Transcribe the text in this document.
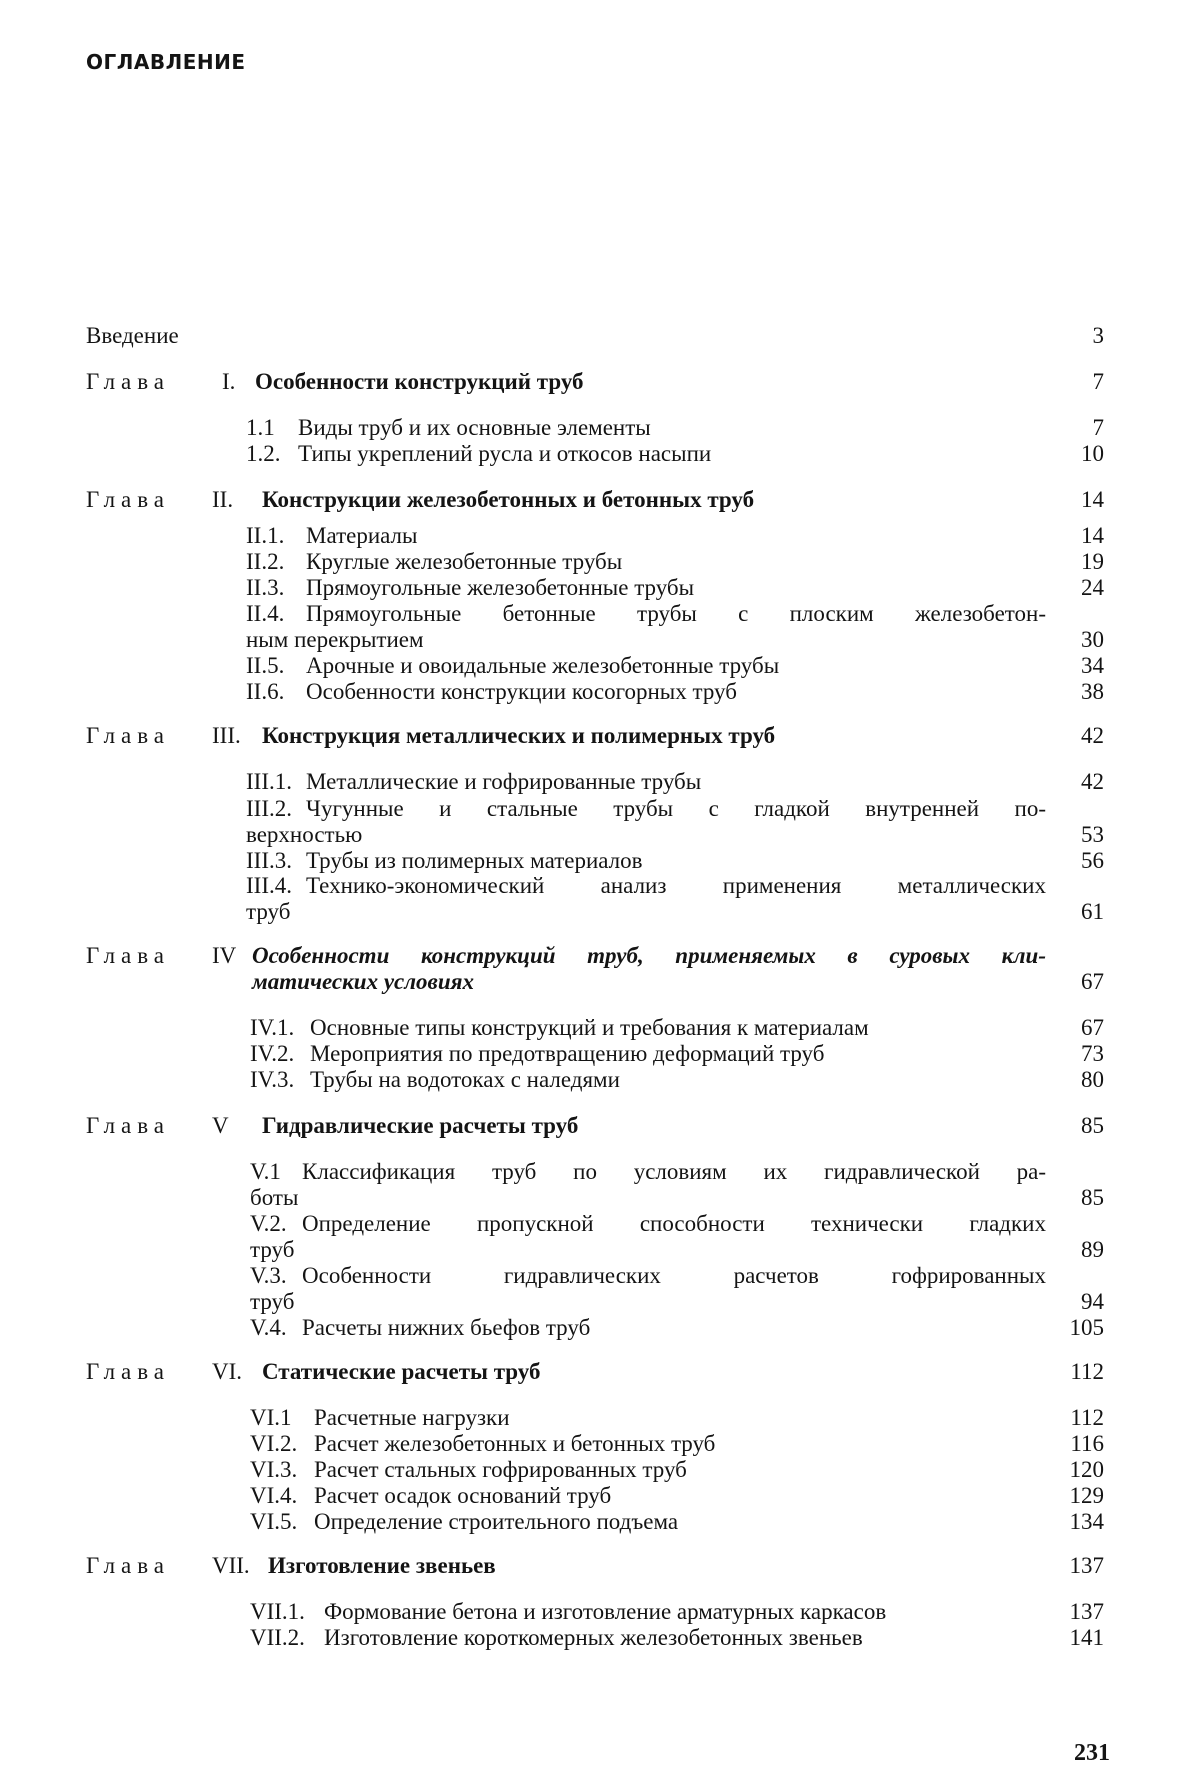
ОГЛАВЛЕНИЕ
Введение	3
Глава I. Особенности конструкций труб	7
1.1 Виды труб и их основные элементы	7
1.2. Типы укреплений русла и откосов насыпи	10
Глава II. Конструкции железобетонных и бетонных труб	14
II.1. Материалы	14
II.2. Круглые железобетонные трубы	19
II.3. Прямоугольные железобетонные трубы	24
II.4. Прямоугольные бетонные трубы с плоским железобетон-
ным перекрытием	30
II.5. Арочные и овоидальные железобетонные трубы	34
II.6. Особенности конструкции косогорных труб	38
Глава III. Конструкция металлических и полимерных труб	42
III.1. Металлические и гофрированные трубы	42
III.2. Чугунные и стальные трубы с гладкой внутренней по-
верхностью	53
III.3. Трубы из полимерных материалов	56
III.4. Технико-экономический анализ применения металлических
труб	61
Глава IV Особенности конструкций труб, применяемых в суровых кли-
матических условиях	67
IV.1. Основные типы конструкций и требования к материалам	67
IV.2. Мероприятия по предотвращению деформаций труб	73
IV.3. Трубы на водотоках с наледями	80
Глава V Гидравлические расчеты труб	85
V.1 Классификация труб по условиям их гидравлической ра-
боты	85
V.2. Определение пропускной способности технически гладких
труб	89
V.3. Особенности гидравлических расчетов гофрированных
труб	94
V.4. Расчеты нижних бьефов труб	105
Глава VI. Статические расчеты труб	112
VI.1 Расчетные нагрузки	112
VI.2. Расчет железобетонных и бетонных труб	116
VI.3. Расчет стальных гофрированных труб	120
VI.4. Расчет осадок оснований труб	129
VI.5. Определение строительного подъема	134
Глава VII. Изготовление звеньев	137
VII.1. Формование бетона и изготовление арматурных каркасов	137
VII.2. Изготовление короткомерных железобетонных звеньев	141
231
